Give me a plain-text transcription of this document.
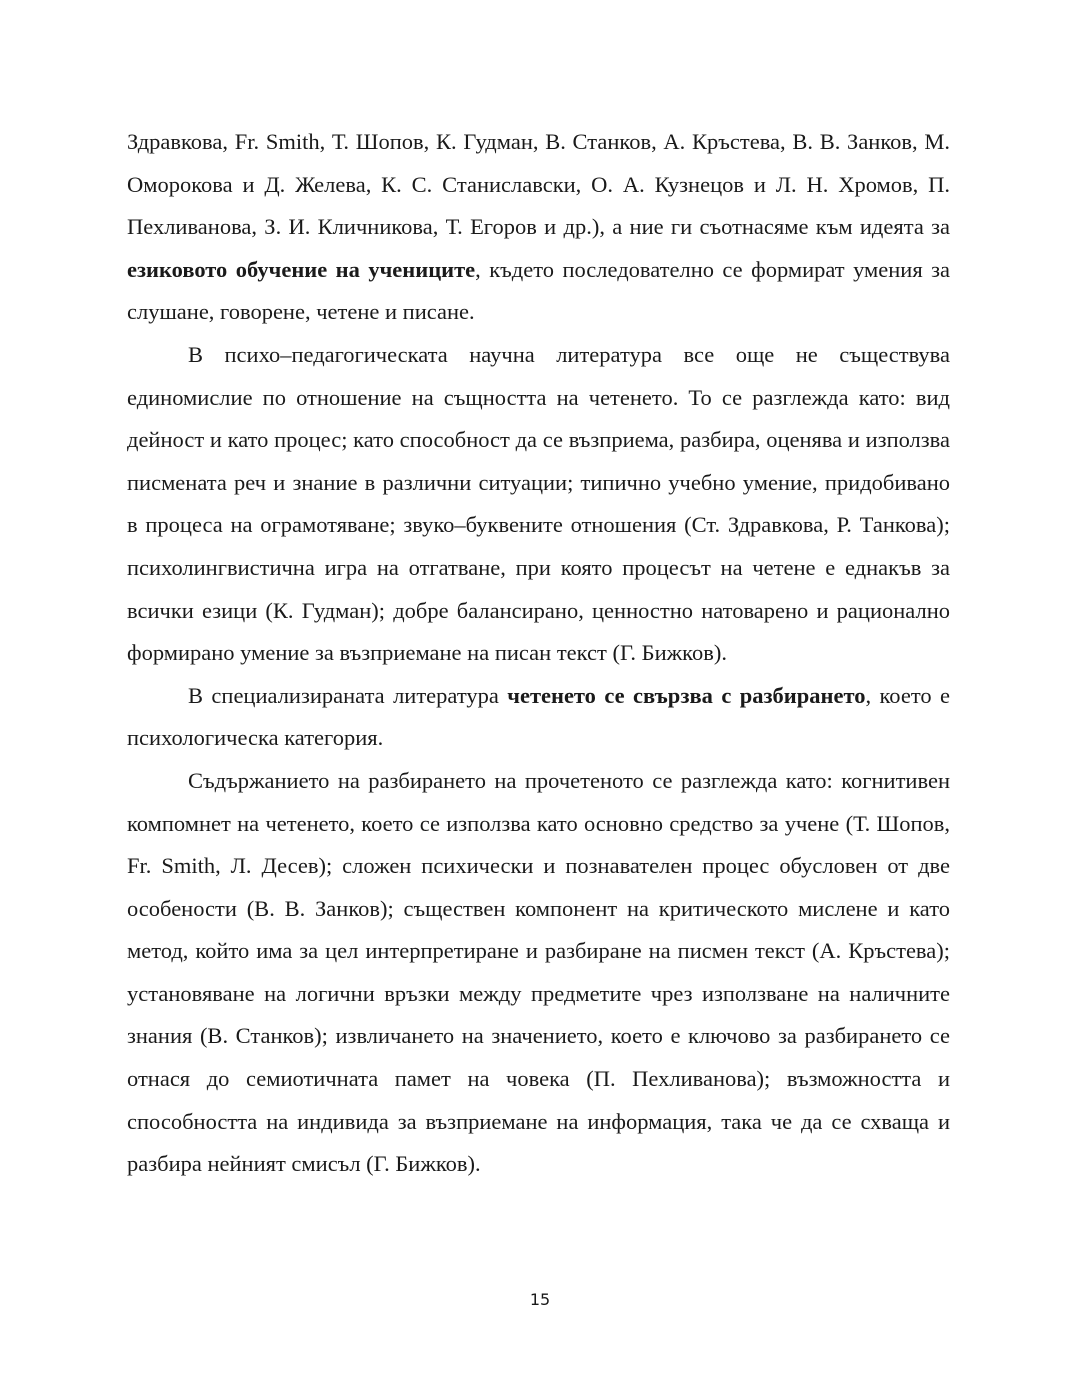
Здравкова, Fr. Smith, Т. Шопов, К. Гудман, В. Станков, А. Кръстева, В. В. Занков, М. Оморокова и Д. Желева, К. С. Станиславски, О. А. Кузнецов и Л. Н. Хромов, П. Пехливанова, З. И. Кличникова, Т. Егоров и др.), а ние ги съотнасяме към идеята за езиковото обучение на учениците, където последователно се формират умения за слушане, говорене, четене и писане.

В психо–педагогическата научна литература все още не съществува единомислие по отношение на същността на четенето. То се разглежда като: вид дейност и като процес; като способност да се възприема, разбира, оценява и използва писмената реч и знание в различни ситуации; типично учебно умение, придобивано в процеса на ограмотяване; звуко–буквените отношения (Ст. Здравкова, Р. Танкова); психолингвистична игра на отгатване, при която процесът на четене е еднакъв за всички езици (К. Гудман); добре балансирано, ценностно натоварено и рационално формирано умение за възприемане на писан текст (Г. Бижков).

В специализираната литература четенето се свързва с разбирането, което е психологическа категория.

Съдържанието на разбирането на прочетеното се разглежда като: когнитивен компомнет на четенето, което се използва като основно средство за учене (Т. Шопов, Fr. Smith, Л. Десев); сложен психически и познавателен процес обусловен от две особености (В. В. Занков); съществен компонент на критическото мислене и като метод, който има за цел интерпретиране и разбиране на писмен текст (А. Кръстева); установяване на логични връзки между предметите чрез използване на наличните знания (В. Станков); извличането на значението, което е ключово за разбирането се отнася до семиотичната памет на човека (П. Пехливанова); възможността и способността на индивида за възприемане на информация, така че да се схваща и разбира нейният смисъл (Г. Бижков).

15
